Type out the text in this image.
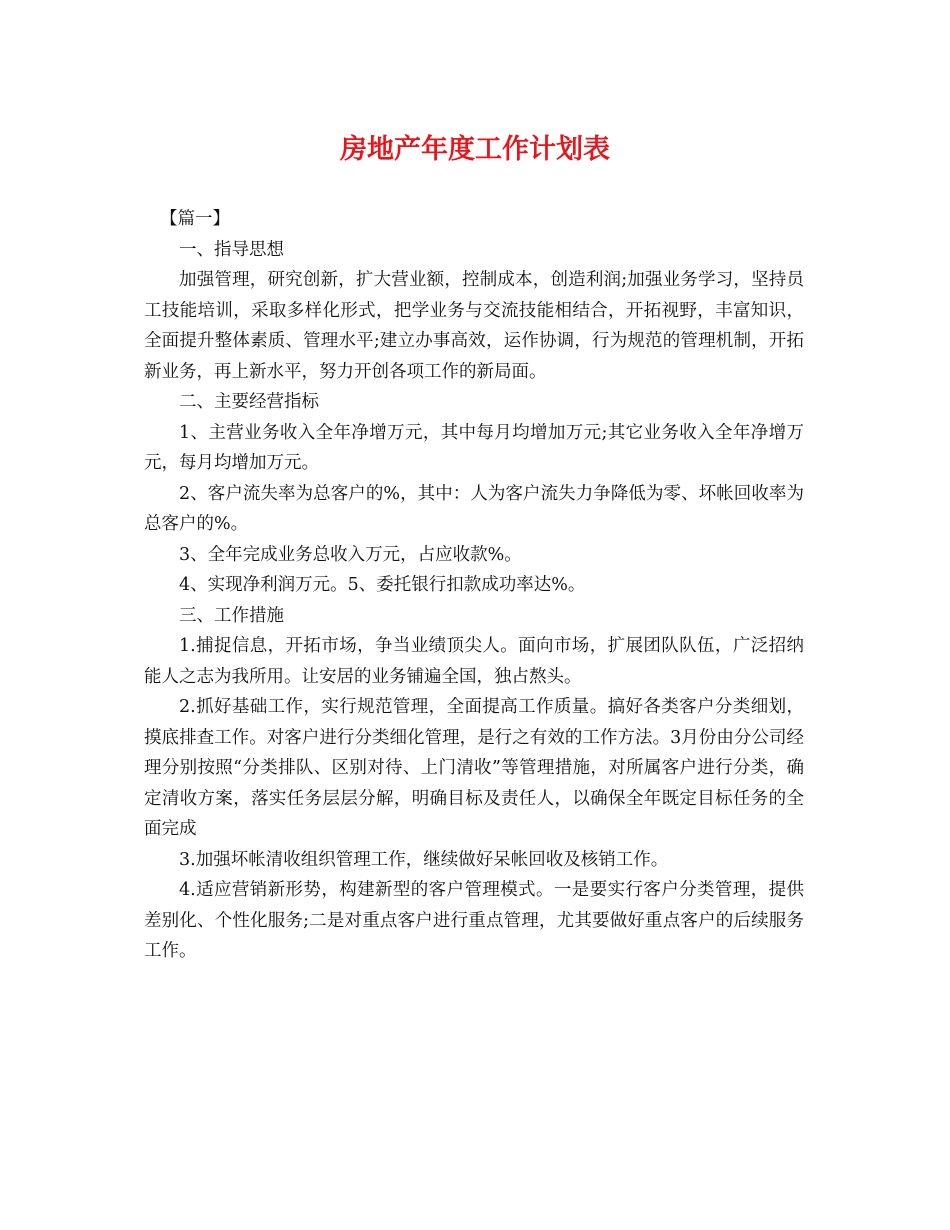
房地产年度工作计划表

【篇一】

一、指导思想

加强管理，研究创新，扩大营业额，控制成本，创造利润;加强业务学习，坚持员工技能培训，采取多样化形式，把学业务与交流技能相结合，开拓视野，丰富知识，全面提升整体素质、管理水平;建立办事高效，运作协调，行为规范的管理机制，开拓新业务，再上新水平，努力开创各项工作的新局面。

二、主要经营指标

1、主营业务收入全年净增万元，其中每月均增加万元;其它业务收入全年净增万元，每月均增加万元。

2、客户流失率为总客户的%，其中：人为客户流失力争降低为零、坏帐回收率为总客户的%。

3、全年完成业务总收入万元，占应收款%。

4、实现净利润万元。5、委托银行扣款成功率达%。

三、工作措施

1.捕捉信息，开拓市场，争当业绩顶尖人。面向市场，扩展团队队伍，广泛招纳能人之志为我所用。让安居的业务铺遍全国，独占熬头。

2.抓好基础工作，实行规范管理，全面提高工作质量。搞好各类客户分类细划，摸底排查工作。对客户进行分类细化管理，是行之有效的工作方法。3月份由分公司经理分别按照“分类排队、区别对待、上门清收”等管理措施，对所属客户进行分类，确定清收方案，落实任务层层分解，明确目标及责任人，以确保全年既定目标任务的全面完成

3.加强坏帐清收组织管理工作，继续做好呆帐回收及核销工作。

4.适应营销新形势，构建新型的客户管理模式。一是要实行客户分类管理，提供差别化、个性化服务;二是对重点客户进行重点管理，尤其要做好重点客户的后续服务工作。
